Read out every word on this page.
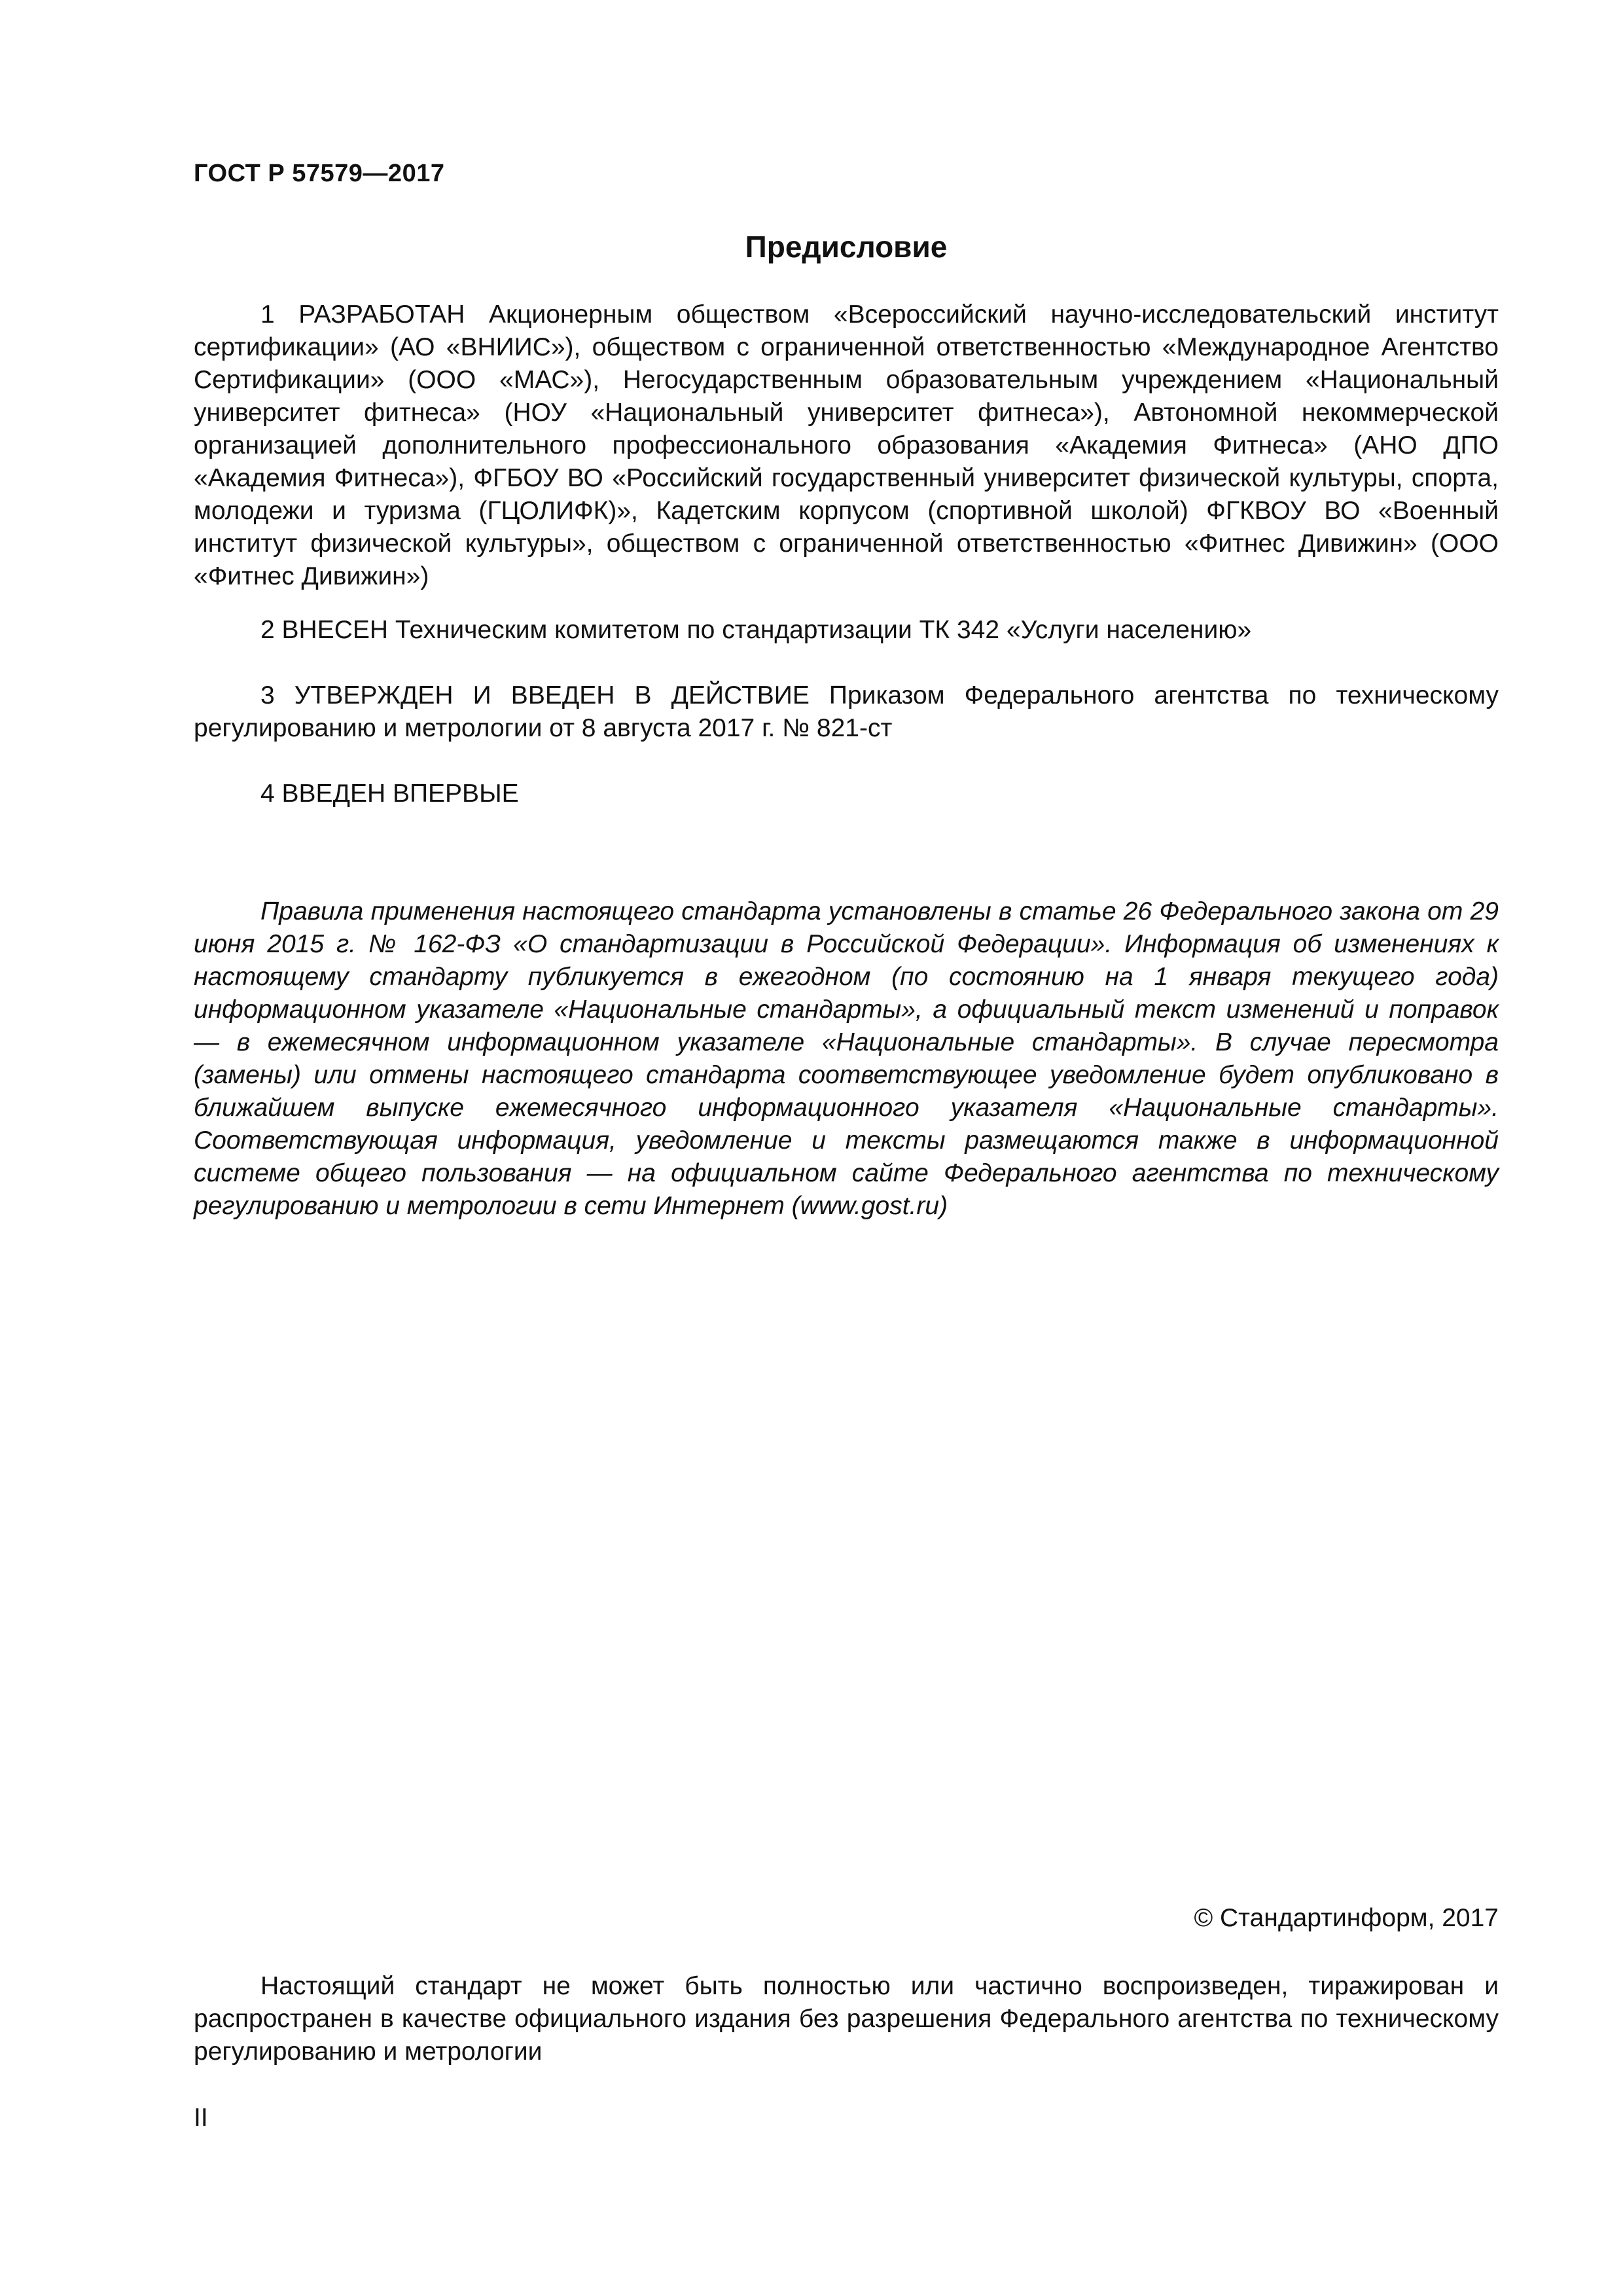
ГОСТ Р 57579—2017
Предисловие

1 РАЗРАБОТАН Акционерным обществом «Всероссийский научно-исследовательский институт сертификации» (АО «ВНИИС»), обществом с ограниченной ответственностью «Международное Агентство Сертификации» (ООО «МАС»), Негосударственным образовательным учреждением «Национальный университет фитнеса» (НОУ «Национальный университет фитнеса»), Автономной некоммерческой организацией дополнительного профессионального образования «Академия Фитнеса» (АНО ДПО «Академия Фитнеса»), ФГБОУ ВО «Российский государственный университет физической культуры, спорта, молодежи и туризма (ГЦОЛИФК)», Кадетским корпусом (спортивной школой) ФГКВОУ ВО «Военный институт физической культуры», обществом с ограниченной ответственностью «Фитнес Дивижин» (ООО «Фитнес Дивижин»)

2 ВНЕСЕН Техническим комитетом по стандартизации ТК 342 «Услуги населению»

3 УТВЕРЖДЕН И ВВЕДЕН В ДЕЙСТВИЕ Приказом Федерального агентства по техническому регулированию и метрологии от 8 августа 2017 г. № 821-ст

4 ВВЕДЕН ВПЕРВЫЕ

Правила применения настоящего стандарта установлены в статье 26 Федерального закона от 29 июня 2015 г. № 162-ФЗ «О стандартизации в Российской Федерации». Информация об изменениях к настоящему стандарту публикуется в ежегодном (по состоянию на 1 января текущего года) информационном указателе «Национальные стандарты», а официальный текст изменений и поправок — в ежемесячном информационном указателе «Национальные стандарты». В случае пересмотра (замены) или отмены настоящего стандарта соответствующее уведомление будет опубликовано в ближайшем выпуске ежемесячного информационного указателя «Национальные стандарты». Соответствующая информация, уведомление и тексты размещаются также в информационной системе общего пользования — на официальном сайте Федерального агентства по техническому регулированию и метрологии в сети Интернет (www.gost.ru)

© Стандартинформ, 2017

Настоящий стандарт не может быть полностью или частично воспроизведен, тиражирован и распространен в качестве официального издания без разрешения Федерального агентства по техническому регулированию и метрологии

II
